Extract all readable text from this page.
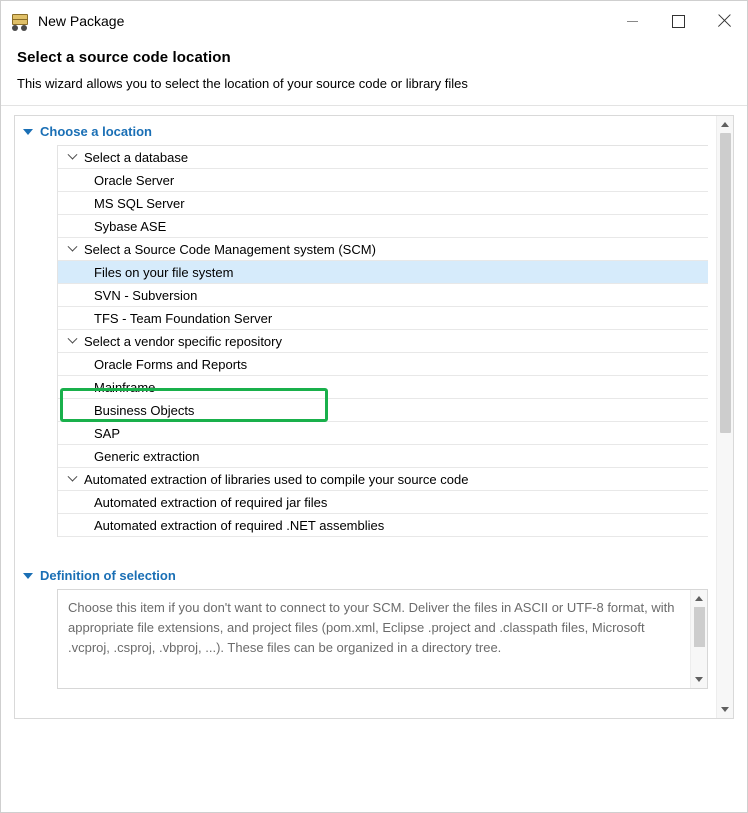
New Package
Select a source code location

This wizard allows you to select the location of your source code or library files

Choose a location
Select a database
Oracle Server
MS SQL Server
Sybase ASE
Select a Source Code Management system (SCM)
Files on your file system
SVN - Subversion
TFS - Team Foundation Server
Select a vendor specific repository
Oracle Forms and Reports
Mainframe
Business Objects
SAP
Generic extraction
Automated extraction of libraries used to compile your source code
Automated extraction of required jar files
Automated extraction of required .NET assemblies
Definition of selection
Choose this item if you don't want to connect to your SCM. Deliver the files in ASCII or UTF-8 format, with appropriate file extensions, and project files (pom.xml, Eclipse .project and .classpath files, Microsoft .vcproj, .csproj, .vbproj, ...). These files can be organized in a directory tree.
